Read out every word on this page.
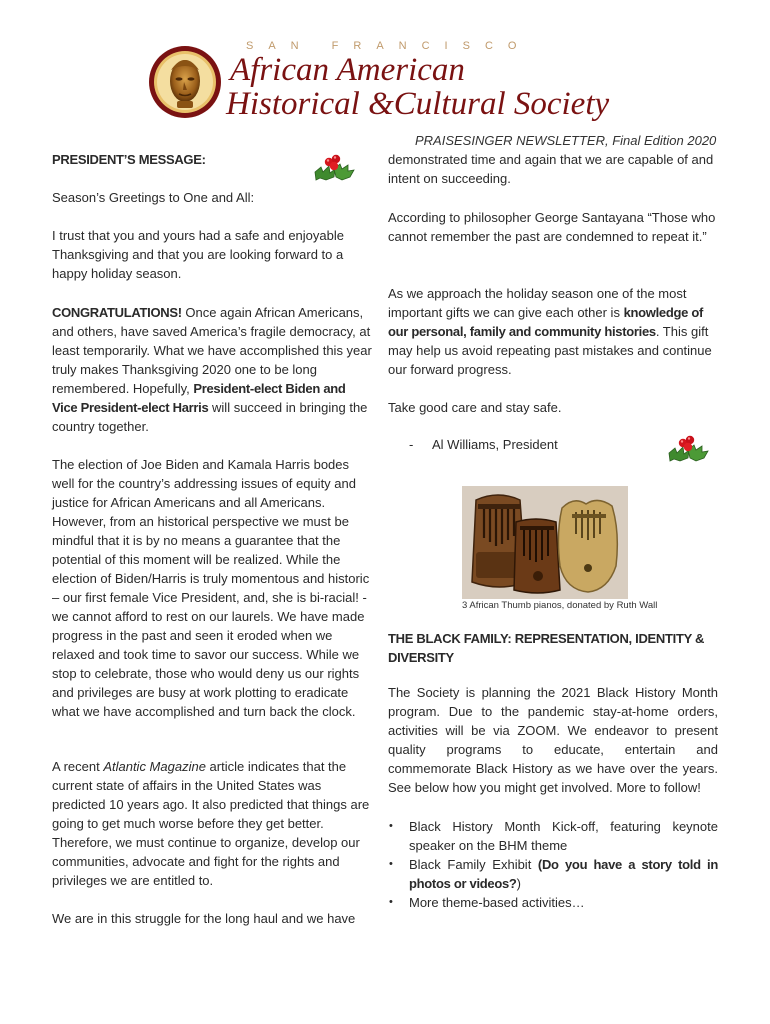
SAN FRANCISCO
African American
Historical &Cultural Society
PRAISESINGER NEWSLETTER, Final Edition 2020

PRESIDENT’S MESSAGE:

Season’s Greetings to One and All:

I trust that you and yours had a safe and enjoyable Thanksgiving and that you are looking forward to a happy holiday season.

CONGRATULATIONS! Once again African Americans, and others, have saved America’s fragile democracy, at least temporarily. What we have accomplished this year truly makes Thanksgiving 2020 one to be long remembered. Hopefully, President-elect Biden and Vice President-elect Harris will succeed in bringing the country together.

The election of Joe Biden and Kamala Harris bodes well for the country’s addressing issues of equity and justice for African Americans and all Americans. However, from an historical perspective we must be mindful that it is by no means a guarantee that the potential of this moment will be realized. While the election of Biden/Harris is truly momentous and historic – our first female Vice President, and, she is bi-racial! - we cannot afford to rest on our laurels. We have made progress in the past and seen it eroded when we relaxed and took time to savor our success. While we stop to celebrate, those who would deny us our rights and privileges are busy at work plotting to eradicate what we have accomplished and turn back the clock.

A recent Atlantic Magazine article indicates that the current state of affairs in the United States was predicted 10 years ago. It also predicted that things are going to get much worse before they get better. Therefore, we must continue to organize, develop our communities, advocate and fight for the rights and privileges we are entitled to.

We are in this struggle for the long haul and we have

demonstrated time and again that we are capable of and intent on succeeding.

According to philosopher George Santayana “Those who cannot remember the past are condemned to repeat it.”

As we approach the holiday season one of the most important gifts we can give each other is knowledge of our personal, family and community histories. This gift may help us avoid repeating past mistakes and continue our forward progress.

Take good care and stay safe.

- Al Williams, President
3 African Thumb pianos, donated by Ruth Wall

THE BLACK FAMILY: REPRESENTATION, IDENTITY & DIVERSITY

The Society is planning the 2021 Black History Month program. Due to the pandemic stay-at-home orders, activities will be via ZOOM. We endeavor to present quality programs to educate, entertain and commemorate Black History as we have over the years. See below how you might get involved. More to follow!

• Black History Month Kick-off, featuring keynote speaker on the BHM theme
• Black Family Exhibit (Do you have a story told in photos or videos?)
• More theme-based activities…
